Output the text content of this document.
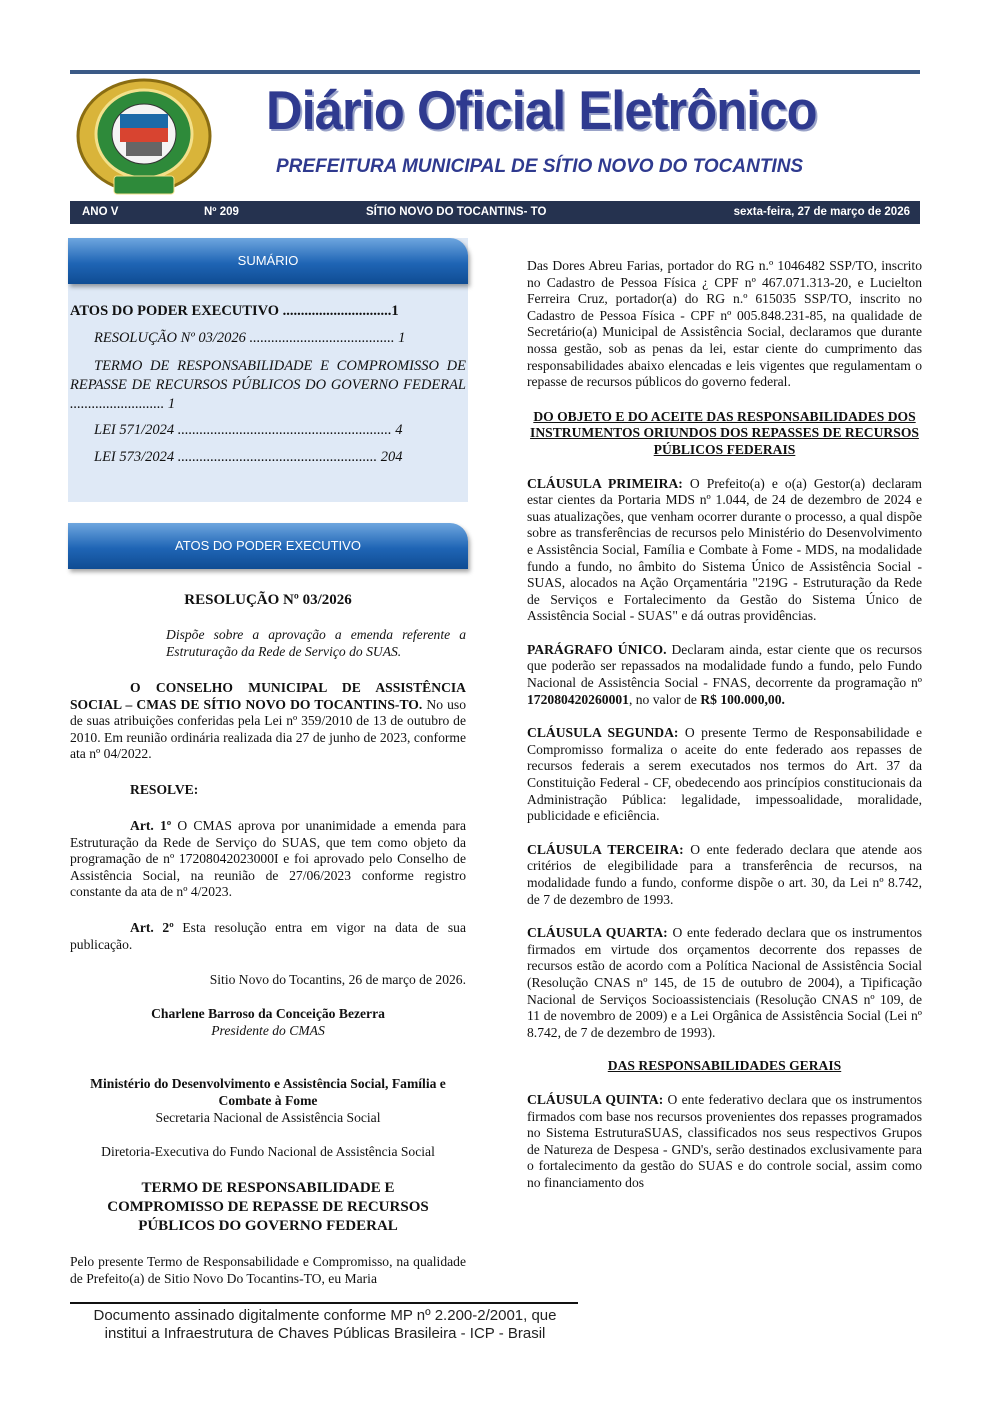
Diário Oficial Eletrônico
PREFEITURA MUNICIPAL DE SÍTIO NOVO DO TOCANTINS
ANO V	Nº 209	SÍTIO NOVO DO TOCANTINS- TO	sexta-feira, 27 de março de 2026
SUMÁRIO
ATOS DO PODER EXECUTIVO ..............................1
RESOLUÇÃO Nº 03/2026 ........................................ 1
TERMO DE RESPONSABILIDADE E COMPROMISSO DE REPASSE DE RECURSOS PÚBLICOS DO GOVERNO FEDERAL .......................... 1
LEI 571/2024 ........................................................... 4
LEI 573/2024 ....................................................... 204
ATOS DO PODER EXECUTIVO
RESOLUÇÃO Nº 03/2026

Dispõe sobre a aprovação a emenda referente a Estruturação da Rede de Serviço do SUAS.

O CONSELHO MUNICIPAL DE ASSISTÊNCIA SOCIAL – CMAS DE SÍTIO NOVO DO TOCANTINS-TO. No uso de suas atribuições conferidas pela Lei nº 359/2010 de 13 de outubro de 2010. Em reunião ordinária realizada dia 27 de junho de 2023, conforme ata nº 04/2022.

RESOLVE:

Art. 1º O CMAS aprova por unanimidade a emenda para Estruturação da Rede de Serviço do SUAS, que tem como objeto da programação de nº 17208042023000I e foi aprovado pelo Conselho de Assistência Social, na reunião de 27/06/2023 conforme registro constante da ata de nº 4/2023.

Art. 2º Esta resolução entra em vigor na data de sua publicação.

Sitio Novo do Tocantins, 26 de março de 2026.
Charlene Barroso da Conceição Bezerra
Presidente do CMAS
Ministério do Desenvolvimento e Assistência Social, Família e Combate à Fome
Secretaria Nacional de Assistência Social
Diretoria-Executiva do Fundo Nacional de Assistência Social
TERMO DE RESPONSABILIDADE E COMPROMISSO DE REPASSE DE RECURSOS PÚBLICOS DO GOVERNO FEDERAL

Pelo presente Termo de Responsabilidade e Compromisso, na qualidade de Prefeito(a) de Sitio Novo Do Tocantins-TO, eu Maria

Das Dores Abreu Farias, portador do RG n.º 1046482 SSP/TO, inscrito no Cadastro de Pessoa Física ¿ CPF nº 467.071.313-20, e Lucielton Ferreira Cruz, portador(a) do RG n.º 615035 SSP/TO, inscrito no Cadastro de Pessoa Física - CPF nº 005.848.231-85, na qualidade de Secretário(a) Municipal de Assistência Social, declaramos que durante nossa gestão, sob as penas da lei, estar ciente do cumprimento das responsabilidades abaixo elencadas e leis vigentes que regulamentam o repasse de recursos públicos do governo federal.

DO OBJETO E DO ACEITE DAS RESPONSABILIDADES DOS INSTRUMENTOS ORIUNDOS DOS REPASSES DE RECURSOS PÚBLICOS FEDERAIS

CLÁUSULA PRIMEIRA: O Prefeito(a) e o(a) Gestor(a) declaram estar cientes da Portaria MDS nº 1.044, de 24 de dezembro de 2024 e suas atualizações, que venham ocorrer durante o processo, a qual dispõe sobre as transferências de recursos pelo Ministério do Desenvolvimento e Assistência Social, Família e Combate à Fome - MDS, na modalidade fundo a fundo, no âmbito do Sistema Único de Assistência Social - SUAS, alocados na Ação Orçamentária "219G - Estruturação da Rede de Serviços e Fortalecimento da Gestão do Sistema Único de Assistência Social - SUAS" e dá outras providências.

PARÁGRAFO ÚNICO. Declaram ainda, estar ciente que os recursos que poderão ser repassados na modalidade fundo a fundo, pelo Fundo Nacional de Assistência Social - FNAS, decorrente da programação nº 172080420260001, no valor de R$ 100.000,00.

CLÁUSULA SEGUNDA: O presente Termo de Responsabilidade e Compromisso formaliza o aceite do ente federado aos repasses de recursos federais a serem executados nos termos do Art. 37 da Constituição Federal - CF, obedecendo aos princípios constitucionais da Administração Pública: legalidade, impessoalidade, moralidade, publicidade e eficiência.

CLÁUSULA TERCEIRA: O ente federado declara que atende aos critérios de elegibilidade para a transferência de recursos, na modalidade fundo a fundo, conforme dispõe o art. 30, da Lei nº 8.742, de 7 de dezembro de 1993.

CLÁUSULA QUARTA: O ente federado declara que os instrumentos firmados em virtude dos orçamentos decorrente dos repasses de recursos estão de acordo com a Política Nacional de Assistência Social (Resolução CNAS nº 145, de 15 de outubro de 2004), a Tipificação Nacional de Serviços Socioassistenciais (Resolução CNAS nº 109, de 11 de novembro de 2009) e a Lei Orgânica de Assistência Social (Lei nº 8.742, de 7 de dezembro de 1993).

DAS RESPONSABILIDADES GERAIS

CLÁUSULA QUINTA: O ente federativo declara que os instrumentos firmados com base nos recursos provenientes dos repasses programados no Sistema EstruturaSUAS, classificados nos seus respectivos Grupos de Natureza de Despesa - GND's, serão destinados exclusivamente para o fortalecimento da gestão do SUAS e do controle social, assim como no financiamento dos

Documento assinado digitalmente conforme MP nº 2.200-2/2001, que
institui a Infraestrutura de Chaves Públicas Brasileira - ICP - Brasil
